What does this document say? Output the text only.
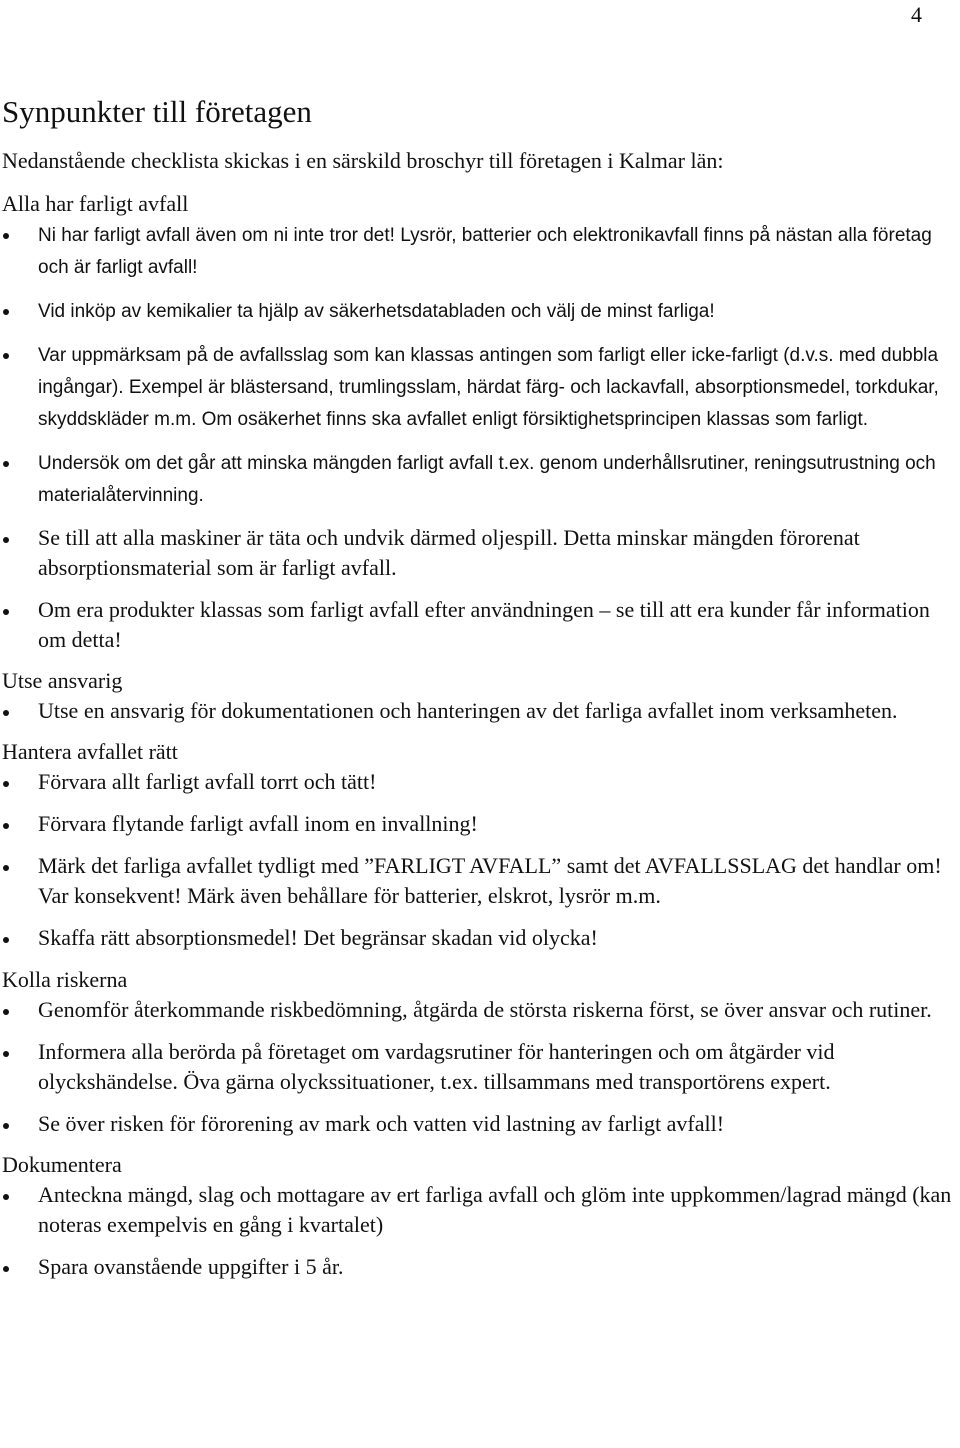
4
Synpunkter till företagen

Nedanstående checklista skickas i en särskild broschyr till företagen i Kalmar län:

Alla har farligt avfall
Ni har farligt avfall även om ni inte tror det! Lysrör, batterier och elektronikavfall finns på nästan alla företag och är farligt avfall!
Vid inköp av kemikalier ta hjälp av säkerhetsdatabladen och välj de minst farliga!
Var uppmärksam på de avfallsslag som kan klassas antingen som farligt eller icke-farligt (d.v.s. med dubbla ingångar). Exempel är blästersand, trumlingsslam, härdat färg- och lackavfall, absorptionsmedel, torkdukar, skyddskläder m.m. Om osäkerhet finns ska avfallet enligt försiktighetsprincipen klassas som farligt.
Undersök om det går att minska mängden farligt avfall t.ex. genom underhållsrutiner, reningsutrustning och materialåtervinning.
Se till att alla maskiner är täta och undvik därmed oljespill. Detta minskar mängden förorenat absorptionsmaterial som är farligt avfall.
Om era produkter klassas som farligt avfall efter användningen – se till att era kunder får information om detta!
Utse ansvarig
Utse en ansvarig för dokumentationen och hanteringen av det farliga avfallet inom verksamheten.
Hantera avfallet rätt
Förvara allt farligt avfall torrt och tätt!
Förvara flytande farligt avfall inom en invallning!
Märk det farliga avfallet tydligt med ”FARLIGT AVFALL” samt det AVFALLSSLAG det handlar om! Var konsekvent! Märk även behållare för batterier, elskrot, lysrör m.m.
Skaffa rätt absorptionsmedel! Det begränsar skadan vid olycka!
Kolla riskerna
Genomför återkommande riskbedömning, åtgärda de största riskerna först, se över ansvar och rutiner.
Informera alla berörda på företaget om vardagsrutiner för hanteringen och om åtgärder vid olyckshändelse. Öva gärna olyckssituationer, t.ex. tillsammans med transportörens expert.
Se över risken för förorening av mark och vatten vid lastning av farligt avfall!
Dokumentera
Anteckna mängd, slag och mottagare av ert farliga avfall och glöm inte uppkommen/lagrad mängd (kan noteras exempelvis en gång i kvartalet)
Spara ovanstående uppgifter i 5 år.
